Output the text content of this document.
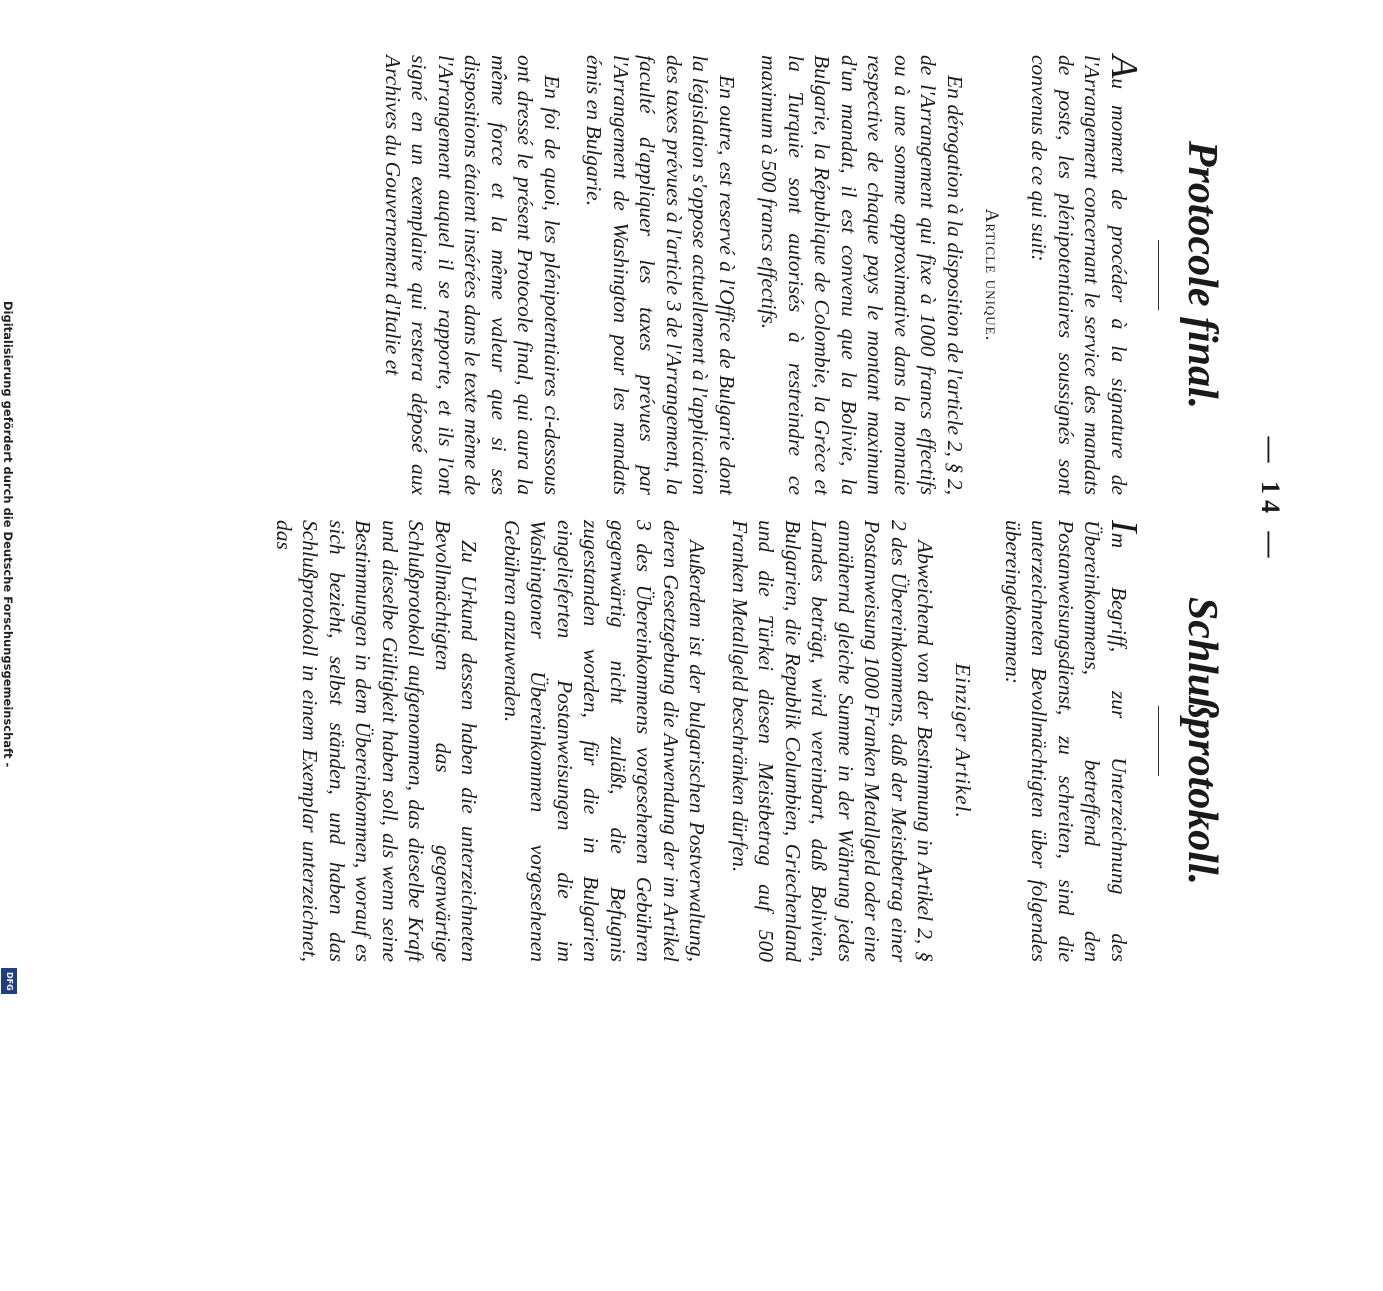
Digitalisierung gefördert durch die Deutsche Forschungsgemeinschaft -
DFG
— 14 —
Protocole final.

Au moment de procéder à la signature de l'Arrangement concernant le service des mandats de poste, les plénipotentiaires soussignés sont convenus de ce qui suit:

Article unique.

En dérogation à la disposition de l'article 2, § 2, de l'Arrangement qui fixe à 1000 francs effectifs ou à une somme approximative dans la monnaie respective de chaque pays le montant maximum d'un mandat, il est convenu que la Bolivie, la Bulgarie, la République de Colombie, la Grèce et la Turquie sont autorisés à restreindre ce maximum à 500 francs effectifs.

En outre, est reservé à l'Office de Bulgarie dont la législation s'oppose actuellement à l'application des taxes prévues à l'article 3 de l'Arrangement, la faculté d'appliquer les taxes prévues par l'Arrangement de Washington pour les mandats émis en Bulgarie.

En foi de quoi, les plénipotentiaires ci-dessous ont dressé le présent Protocole final, qui aura la même force et la même valeur que si ses dispositions étaient insérées dans le texte même de l'Arrangement auquel il se rapporte, et ils l'ont signé en un exemplaire qui restera déposé aux Archives du Gouvernement d'Italie et

Schlußprotokoll.

Im Begriff, zur Unterzeichnung des Übereinkommens, betreffend den Postanweisungsdienst, zu schreiten, sind die unterzeichneten Bevollmächtigten über folgendes übereingekommen:

Einziger Artikel.

Abweichend von der Bestimmung in Artikel 2, § 2 des Übereinkommens, daß der Meistbetrag einer Postanweisung 1000 Franken Metallgeld oder eine annähernd gleiche Summe in der Währung jedes Landes beträgt, wird vereinbart, daß Bolivien, Bulgarien, die Republik Columbien, Griechenland und die Türkei diesen Meistbetrag auf 500 Franken Metallgeld beschränken dürfen.

Außerdem ist der bulgarischen Postverwaltung, deren Gesetzgebung die Anwendung der im Artikel 3 des Übereinkommens vorgesehenen Gebühren gegenwärtig nicht zuläßt, die Befugnis zugestanden worden, für die in Bulgarien eingelieferten Postanweisungen die im Washingtoner Übereinkommen vorgesehenen Gebühren anzuwenden.

Zu Urkund dessen haben die unterzeichneten Bevollmächtigten das gegenwärtige Schlußprotokoll aufgenommen, das dieselbe Kraft und dieselbe Gültigkeit haben soll, als wenn seine Bestimmungen in dem Übereinkommen, worauf es sich bezieht, selbst ständen, und haben das Schlußprotokoll in einem Exemplar unterzeichnet, das
